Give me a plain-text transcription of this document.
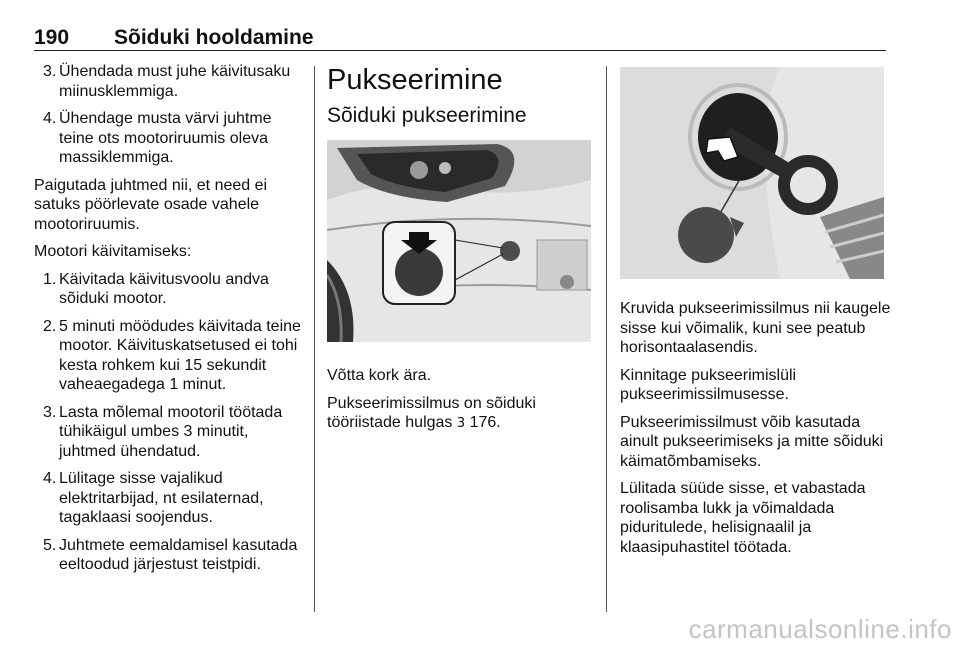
190 Sõiduki hooldamine
3. Ühendada must juhe käivitusaku miinusklemmiga.
4. Ühendage musta värvi juhtme teine ots mootoriruumis oleva massiklemmiga.

Paigutada juhtmed nii, et need ei satuks pöörlevate osade vahele mootoriruumis.

Mootori käivitamiseks:

1. Käivitada käivitusvoolu andva sõiduki mootor.
2. 5 minuti möödudes käivitada teine mootor. Käivituskatsetused ei tohi kesta rohkem kui 15 sekundit vaheaegadega 1 minut.
3. Lasta mõlemal mootoril töötada tühikäigul umbes 3 minutit, juhtmed ühendatud.
4. Lülitage sisse vajalikud elektritarbijad, nt esilaternad, tagaklaasi soojendus.
5. Juhtmete eemaldamisel kasutada eeltoodud järjestust teistpidi.
Pukseerimine
Sõiduki pukseerimine

Võtta kork ära.

Pukseerimissilmus on sõiduki tööriistade hulgas 3 176.

Kruvida pukseerimissilmus nii kaugele sisse kui võimalik, kuni see peatub horisontaalasendis.

Kinnitage pukseerimislüli pukseerimissilmusesse.

Pukseerimissilmust võib kasutada ainult pukseerimiseks ja mitte sõiduki käimatõmbamiseks.

Lülitada süüde sisse, et vabastada roolisamba lukk ja võimaldada piduritulede, helisignaalil ja klaasipuhastitel töötada.

carmanualsonline.info
